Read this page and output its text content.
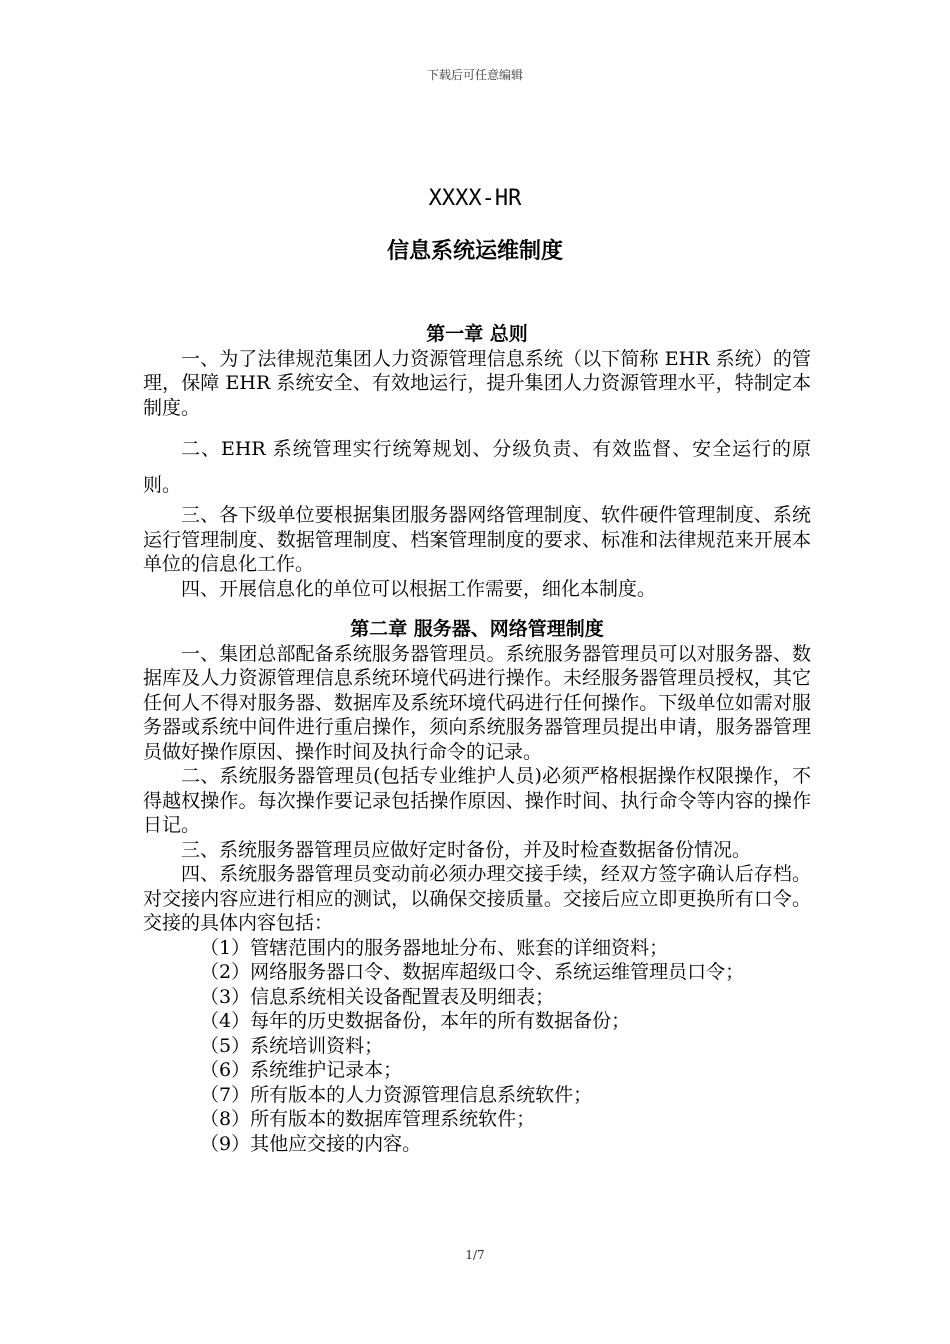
下载后可任意编辑
XXXX-HR
信息系统运维制度
第一章 总则

一、为了法律规范集团人力资源管理信息系统（以下简称 EHR 系统）的管理，保障 EHR 系统安全、有效地运行，提升集团人力资源管理水平，特制定本制度。

二、EHR 系统管理实行统筹规划、分级负责、有效监督、安全运行的原则。

三、各下级单位要根据集团服务器网络管理制度、软件硬件管理制度、系统运行管理制度、数据管理制度、档案管理制度的要求、标准和法律规范来开展本单位的信息化工作。

四、开展信息化的单位可以根据工作需要，细化本制度。

第二章 服务器、网络管理制度

一、集团总部配备系统服务器管理员。系统服务器管理员可以对服务器、数据库及人力资源管理信息系统环境代码进行操作。未经服务器管理员授权，其它任何人不得对服务器、数据库及系统环境代码进行任何操作。下级单位如需对服务器或系统中间件进行重启操作，须向系统服务器管理员提出申请，服务器管理员做好操作原因、操作时间及执行命令的记录。

二、系统服务器管理员(包括专业维护人员)必须严格根据操作权限操作，不得越权操作。每次操作要记录包括操作原因、操作时间、执行命令等内容的操作日记。

三、系统服务器管理员应做好定时备份，并及时检查数据备份情况。

四、系统服务器管理员变动前必须办理交接手续，经双方签字确认后存档。对交接内容应进行相应的测试，以确保交接质量。交接后应立即更换所有口令。交接的具体内容包括：

（1）管辖范围内的服务器地址分布、账套的详细资料；

（2）网络服务器口令、数据库超级口令、系统运维管理员口令；

（3）信息系统相关设备配置表及明细表；

（4）每年的历史数据备份，本年的所有数据备份；

（5）系统培训资料；

（6）系统维护记录本；

（7）所有版本的人力资源管理信息系统软件；

（8）所有版本的数据库管理系统软件；

（9）其他应交接的内容。

1/7
